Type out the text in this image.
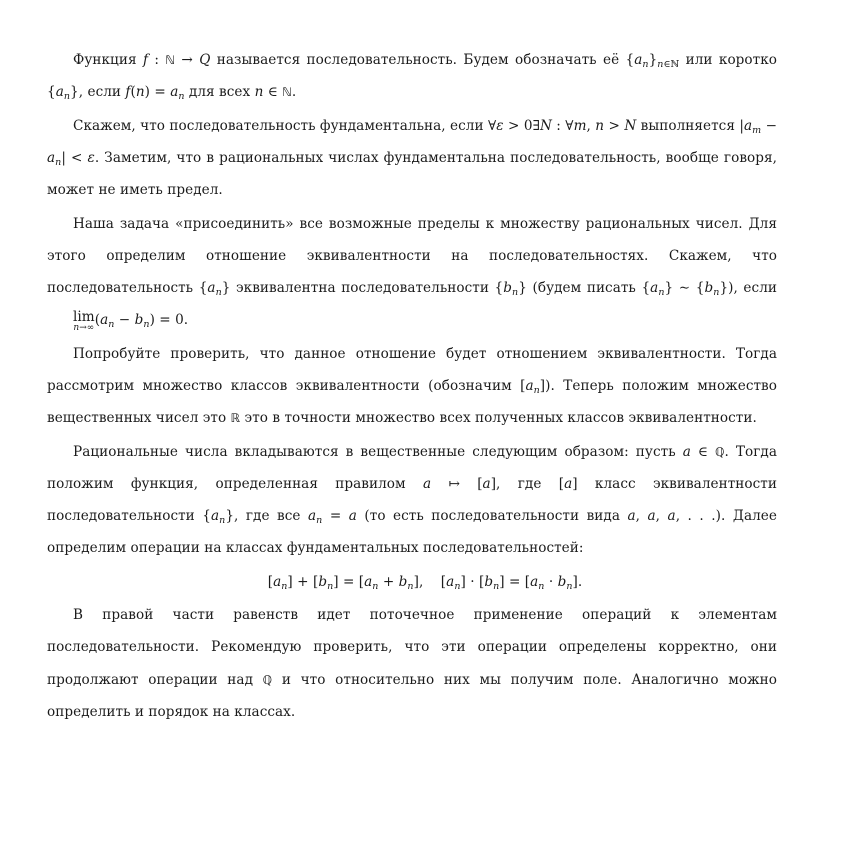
Функция f : ℕ → Q называется последовательность. Будем обозначать её $\{a_n\}_{n\in ℕ}$ или коротко $\{a_n\}$, если $f(n) = a_n$ для всех n ∈ ℕ.

Скажем, что последовательность фундаментальна, если ∀ε > 0∃N : ∀m, n > N выполняется $|a_m - a_n| < \varepsilon$. Заметим, что в рациональных числах фундаментальна последовательность, вообще говоря, может не иметь предел.

Наша задача «присоединить» все возможные пределы к множеству рациональных чисел. Для этого определим отношение эквивалентности на последовательностях. Скажем, что последовательность $\{a_n\}$ эквивалентна последовательности $\{b_n\}$ (будем писать $\{a_n\}$ ∼ $\{b_n\}$), если
lim
n→∞ $(a_n - b_n) = 0$.

Попробуйте проверить, что данное отношение будет отношением эквивалентности. Тогда рассмотрим множество классов эквивалентности (обозначим $[a_n]$). Теперь положим множество вещественных чисел это ℝ это в точности множество всех полученных классов эквивалентности.

Рациональные числа вкладываются в вещественные следующим образом: пусть a ∈ ℚ. Тогда положим функция, определенная правилом a ↦ [a], где [a] класс эквивалентности последовательности $\{a_n\}$, где все $a_n = a$ (то есть последовательности вида a, a, a, . . .). Далее определим операции на классах фундаментальных последовательностей:

$[a_n] + [b_n] = [a_n + b_n]$,    $[a_n] \cdot [b_n] = [a_n \cdot b_n]$.

В правой части равенств идет поточечное применение операций к элементам последовательности. Рекомендую проверить, что эти операции определены корректно, они продолжают операции над ℚ и что относительно них мы получим поле. Аналогично можно определить и порядок на классах.
